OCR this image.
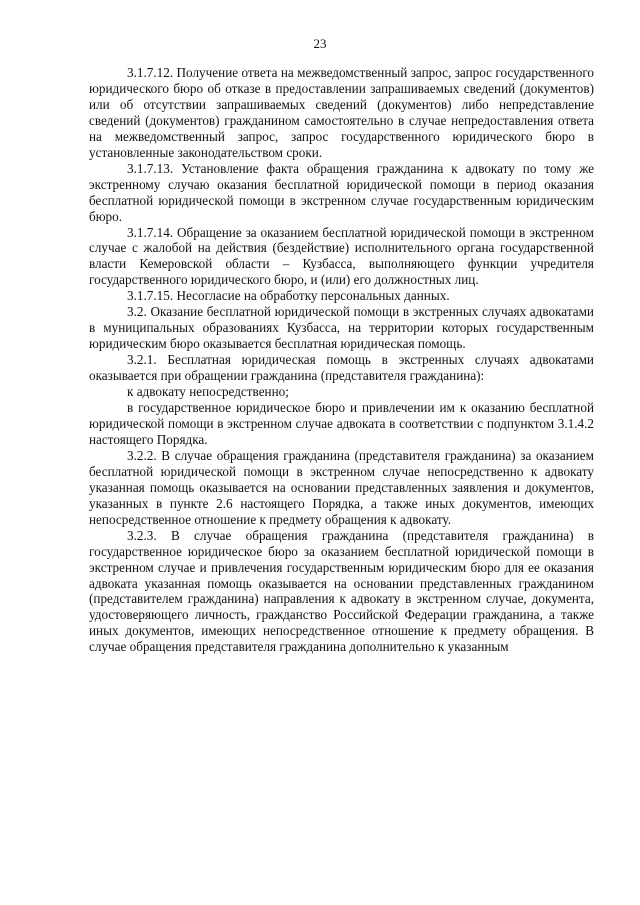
23

3.1.7.12. Получение ответа на межведомственный запрос, запрос государственного юридического бюро об отказе в предоставлении запрашиваемых сведений (документов) или об отсутствии запрашиваемых сведений (документов) либо непредставление сведений (документов) гражданином самостоятельно в случае непредоставления ответа на межведомственный запрос, запрос государственного юридического бюро в установленные законодательством сроки.

3.1.7.13. Установление факта обращения гражданина к адвокату по тому же экстренному случаю оказания бесплатной юридической помощи в период оказания бесплатной юридической помощи в экстренном случае государственным юридическим бюро.

3.1.7.14. Обращение за оказанием бесплатной юридической помощи в экстренном случае с жалобой на действия (бездействие) исполнительного органа государственной власти Кемеровской области – Кузбасса, выполняющего функции учредителя государственного юридического бюро, и (или) его должностных лиц.

3.1.7.15. Несогласие на обработку персональных данных.

3.2. Оказание бесплатной юридической помощи в экстренных случаях адвокатами в муниципальных образованиях Кузбасса, на территории которых государственным юридическим бюро оказывается бесплатная юридическая помощь.

3.2.1. Бесплатная юридическая помощь в экстренных случаях адвокатами оказывается при обращении гражданина (представителя гражданина):

к адвокату непосредственно;

в государственное юридическое бюро и привлечении им к оказанию бесплатной юридической помощи в экстренном случае адвоката в соответствии с подпунктом 3.1.4.2 настоящего Порядка.

3.2.2. В случае обращения гражданина (представителя гражданина) за оказанием бесплатной юридической помощи в экстренном случае непосредственно к адвокату указанная помощь оказывается на основании представленных заявления и документов, указанных в пункте 2.6 настоящего Порядка, а также иных документов, имеющих непосредственное отношение к предмету обращения к адвокату.

3.2.3. В случае обращения гражданина (представителя гражданина) в государственное юридическое бюро за оказанием бесплатной юридической помощи в экстренном случае и привлечения государственным юридическим бюро для ее оказания адвоката указанная помощь оказывается на основании представленных гражданином (представителем гражданина) направления к адвокату в экстренном случае, документа, удостоверяющего личность, гражданство Российской Федерации гражданина, а также иных документов, имеющих непосредственное отношение к предмету обращения. В случае обращения представителя гражданина дополнительно к указанным
